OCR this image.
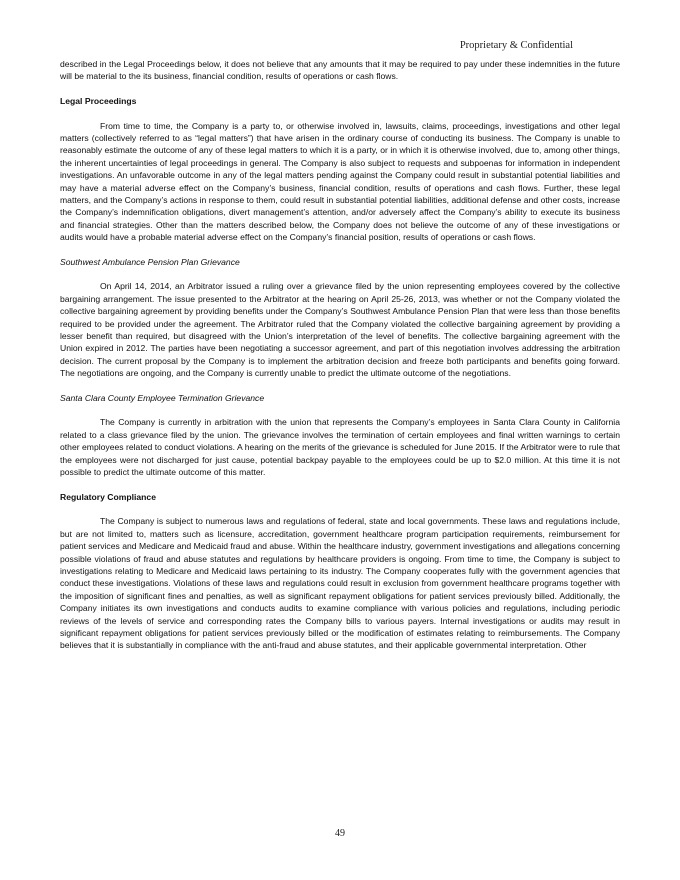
Proprietary & Confidential

described in the Legal Proceedings below, it does not believe that any amounts that it may be required to pay under these indemnities in the future will be material to the its business, financial condition, results of operations or cash flows.

Legal Proceedings

From time to time, the Company is a party to, or otherwise involved in, lawsuits, claims, proceedings, investigations and other legal matters (collectively referred to as “legal matters”) that have arisen in the ordinary course of conducting its business. The Company is unable to reasonably estimate the outcome of any of these legal matters to which it is a party, or in which it is otherwise involved, due to, among other things, the inherent uncertainties of legal proceedings in general. The Company is also subject to requests and subpoenas for information in independent investigations. An unfavorable outcome in any of the legal matters pending against the Company could result in substantial potential liabilities and may have a material adverse effect on the Company’s business, financial condition, results of operations and cash flows. Further, these legal matters, and the Company’s actions in response to them, could result in substantial potential liabilities, additional defense and other costs, increase the Company’s indemnification obligations, divert management’s attention, and/or adversely affect the Company’s ability to execute its business and financial strategies. Other than the matters described below, the Company does not believe the outcome of any of these investigations or audits would have a probable material adverse effect on the Company’s financial position, results of operations or cash flows.

Southwest Ambulance Pension Plan Grievance

On April 14, 2014, an Arbitrator issued a ruling over a grievance filed by the union representing employees covered by the collective bargaining arrangement. The issue presented to the Arbitrator at the hearing on April 25-26, 2013, was whether or not the Company violated the collective bargaining agreement by providing benefits under the Company’s Southwest Ambulance Pension Plan that were less than those benefits required to be provided under the agreement. The Arbitrator ruled that the Company violated the collective bargaining agreement by providing a lesser benefit than required, but disagreed with the Union’s interpretation of the level of benefits. The collective bargaining agreement with the Union expired in 2012. The parties have been negotiating a successor agreement, and part of this negotiation involves addressing the arbitration decision. The current proposal by the Company is to implement the arbitration decision and freeze both participants and benefits going forward. The negotiations are ongoing, and the Company is currently unable to predict the ultimate outcome of the negotiations.

Santa Clara County Employee Termination Grievance

The Company is currently in arbitration with the union that represents the Company’s employees in Santa Clara County in California related to a class grievance filed by the union. The grievance involves the termination of certain employees and final written warnings to certain other employees related to conduct violations. A hearing on the merits of the grievance is scheduled for June 2015. If the Arbitrator were to rule that the employees were not discharged for just cause, potential backpay payable to the employees could be up to $2.0 million. At this time it is not possible to predict the ultimate outcome of this matter.

Regulatory Compliance

The Company is subject to numerous laws and regulations of federal, state and local governments. These laws and regulations include, but are not limited to, matters such as licensure, accreditation, government healthcare program participation requirements, reimbursement for patient services and Medicare and Medicaid fraud and abuse. Within the healthcare industry, government investigations and allegations concerning possible violations of fraud and abuse statutes and regulations by healthcare providers is ongoing. From time to time, the Company is subject to investigations relating to Medicare and Medicaid laws pertaining to its industry. The Company cooperates fully with the government agencies that conduct these investigations. Violations of these laws and regulations could result in exclusion from government healthcare programs together with the imposition of significant fines and penalties, as well as significant repayment obligations for patient services previously billed. Additionally, the Company initiates its own investigations and conducts audits to examine compliance with various policies and regulations, including periodic reviews of the levels of service and corresponding rates the Company bills to various payers. Internal investigations or audits may result in significant repayment obligations for patient services previously billed or the modification of estimates relating to reimbursements. The Company believes that it is substantially in compliance with the anti-fraud and abuse statutes, and their applicable governmental interpretation. Other

49
